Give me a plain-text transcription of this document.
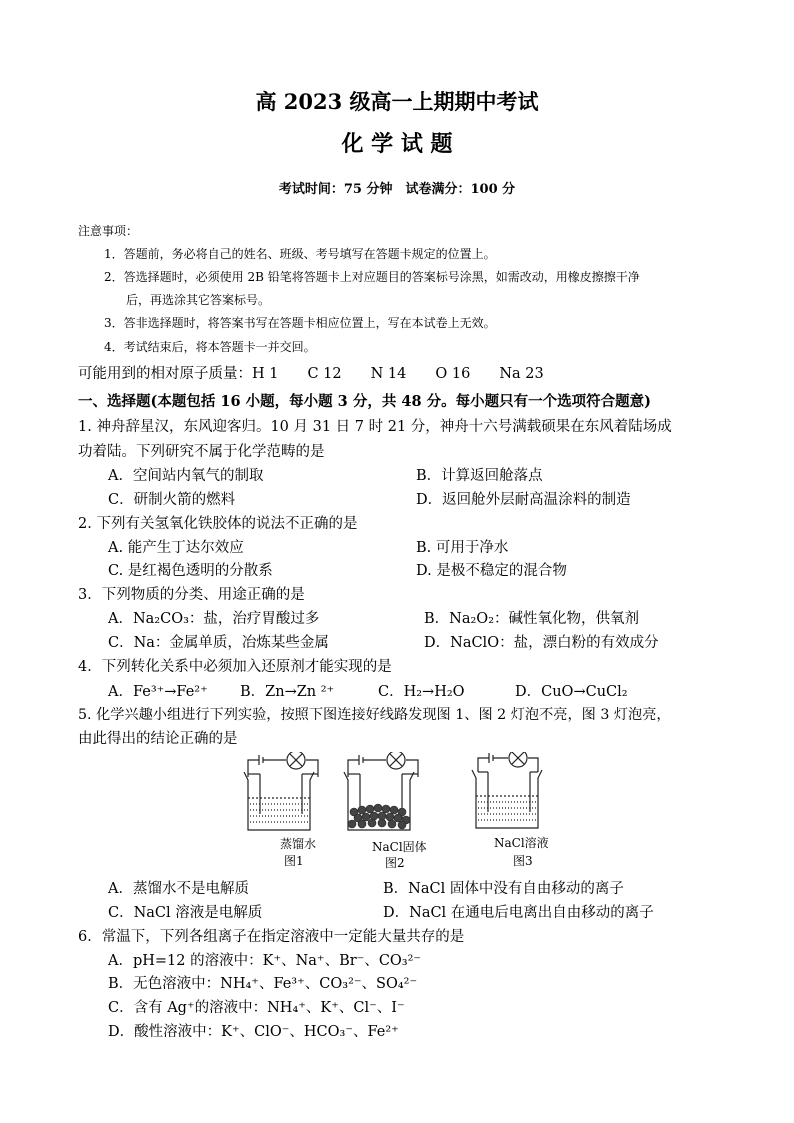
高 2023 级高一上期期中考试
化 学 试 题
考试时间：75 分钟　试卷满分：100 分
注意事项：
1．答题前，务必将自己的姓名、班级、考号填写在答题卡规定的位置上。
2．答选择题时，必须使用 2B 铅笔将答题卡上对应题目的答案标号涂黑，如需改动，用橡皮擦擦干净
后，再选涂其它答案标号。
3．答非选择题时，将答案书写在答题卡相应位置上，写在本试卷上无效。
4．考试结束后，将本答题卡一并交回。
可能用到的相对原子质量：H 1　　C 12　　N 14　　O 16　　Na 23
一、选择题(本题包括 16 小题，每小题 3 分，共 48 分。每小题只有一个选项符合题意)
1. 神舟辞星汉，东风迎客归。10 月 31 日 7 时 21 分，神舟十六号满载硕果在东风着陆场成
功着陆。下列研究不属于化学范畴的是
A．空间站内氧气的制取	B．计算返回舱落点
C．研制火箭的燃料	D．返回舱外层耐高温涂料的制造
2. 下列有关氢氧化铁胶体的说法不正确的是
A. 能产生丁达尔效应	B. 可用于净水
C. 是红褐色透明的分散系	D. 是极不稳定的混合物
3．下列物质的分类、用途正确的是
A．Na₂CO₃：盐，治疗胃酸过多	B．Na₂O₂：碱性氧化物，供氧剂
C．Na：金属单质，冶炼某些金属	D．NaClO：盐，漂白粉的有效成分
4．下列转化关系中必须加入还原剂才能实现的是
A．Fe³⁺→Fe²⁺ B．Zn→Zn ²⁺	C．H₂→H₂O	D．CuO→CuCl₂
5. 化学兴趣小组进行下列实验，按照下图连接好线路发现图 1、图 2 灯泡不亮，图 3 灯泡亮，
由此得出的结论正确的是
蒸馏水
图1
NaCl固体
图2
NaCl溶液
图3
A．蒸馏水不是电解质	B．NaCl 固体中没有自由移动的离子
C．NaCl 溶液是电解质	D．NaCl 在通电后电离出自由移动的离子
6．常温下，下列各组离子在指定溶液中一定能大量共存的是
A．pH=12 的溶液中：K⁺、Na⁺、Br⁻、CO₃²⁻
B．无色溶液中：NH₄⁺、Fe³⁺、CO₃²⁻、SO₄²⁻
C．含有 Ag⁺的溶液中：NH₄⁺、K⁺、Cl⁻、I⁻
D．酸性溶液中：K⁺、ClO⁻、HCO₃⁻、Fe²⁺
